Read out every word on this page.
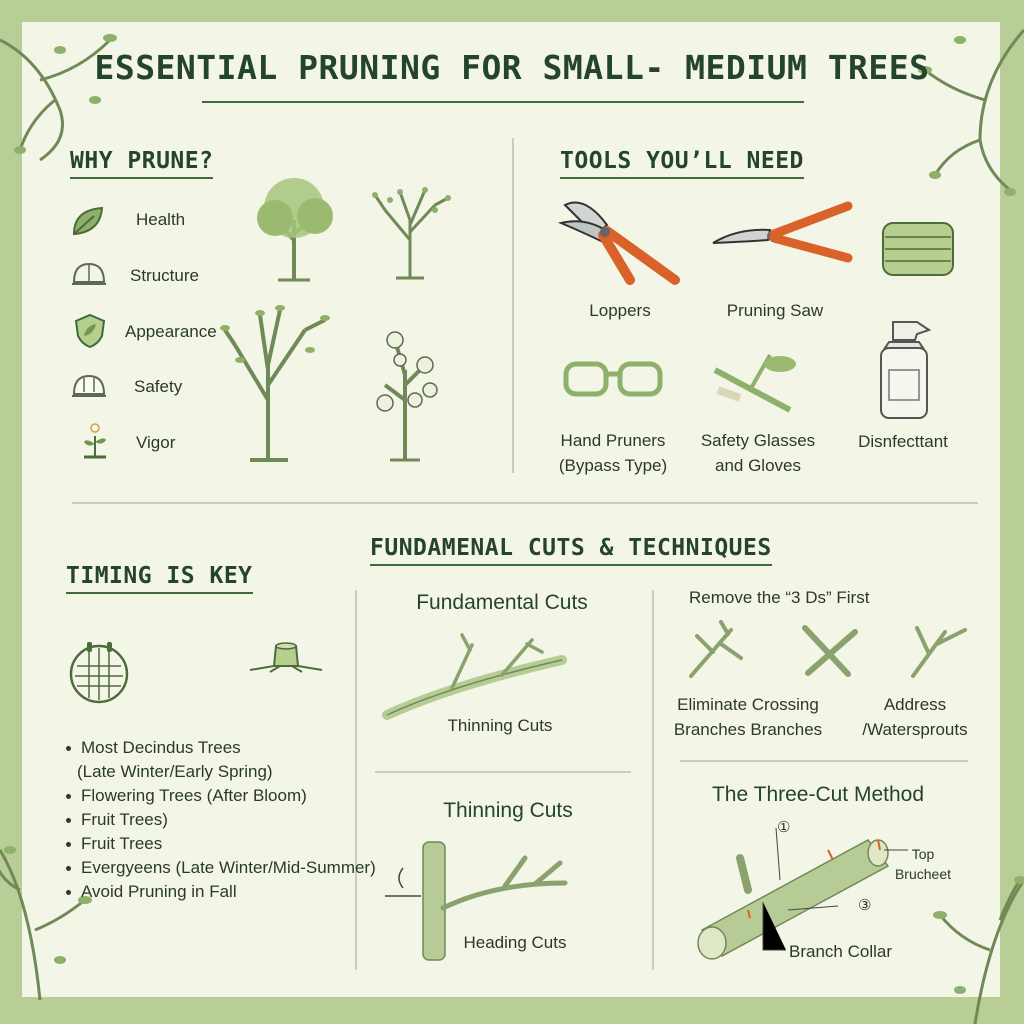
ESSENTIAL PRUNING FOR SMALL- MEDIUM TREES
WHY PRUNE?
Health
Structure
Appearance
Safety
Vigor
TOOLS YOU’LL NEED
Loppers	Pruning Saw
Hand Pruners
(Bypass Type)
Safety Glasses
and Gloves
Disnfecttant
FUNDAMENAL CUTS & TECHNIQUES
TIMING IS KEY
Most Decindus Trees
(Late Winter/Early Spring)
Flowering Trees (After Bloom)
Fruit Trees)
Fruit Trees
Evergyeens (Late Winter/Mid-Summer)
Avoid Pruning in Fall
Fundamental Cuts
Thinning Cuts
Thinning Cuts
Heading Cuts
Remove the “3 Ds” First
Eliminate Crossing
Branches Branches
Address
/Watersprouts
The Three-Cut Method
①
③
Top
Brucheet
Branch Collar
